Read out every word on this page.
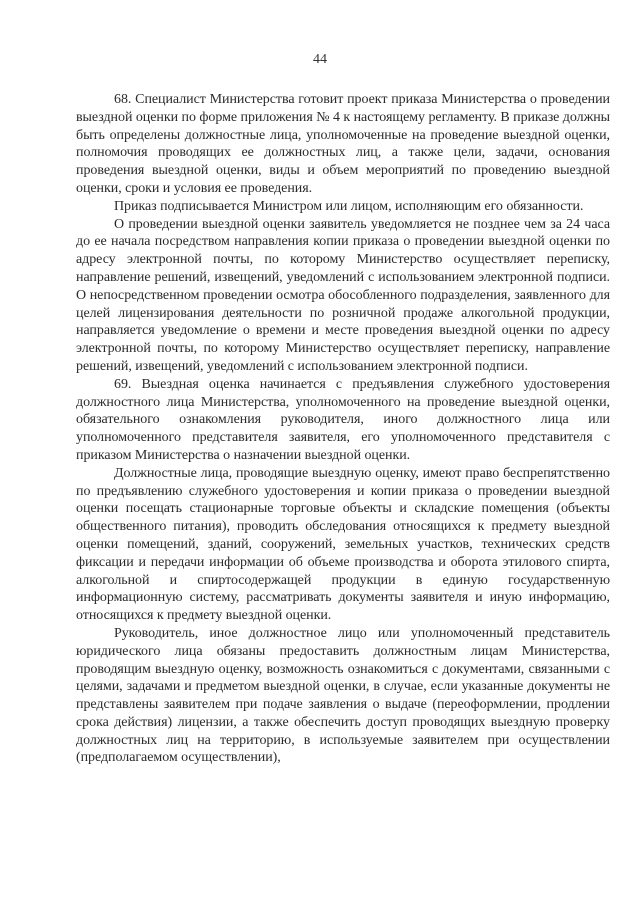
44

68. Специалист Министерства готовит проект приказа Министерства о проведении выездной оценки по форме приложения № 4 к настоящему регламенту. В приказе должны быть определены должностные лица, уполномоченные на проведение выездной оценки, полномочия проводящих ее должностных лиц, а также цели, задачи, основания проведения выездной оценки, виды и объем мероприятий по проведению выездной оценки, сроки и условия ее проведения.

Приказ подписывается Министром или лицом, исполняющим его обязанности.

О проведении выездной оценки заявитель уведомляется не позднее чем за 24 часа до ее начала посредством направления копии приказа о проведении выездной оценки по адресу электронной почты, по которому Министерство осуществляет переписку, направление решений, извещений, уведомлений с использованием электронной подписи. О непосредственном проведении осмотра обособленного подразделения, заявленного для целей лицензирования деятельности по розничной продаже алкогольной продукции, направляется уведомление о времени и месте проведения выездной оценки по адресу электронной почты, по которому Министерство осуществляет переписку, направление решений, извещений, уведомлений с использованием электронной подписи.

69. Выездная оценка начинается с предъявления служебного удостоверения должностного лица Министерства, уполномоченного на проведение выездной оценки, обязательного ознакомления руководителя, иного должностного лица или уполномоченного представителя заявителя, его уполномоченного представителя с приказом Министерства о назначении выездной оценки.

Должностные лица, проводящие выездную оценку, имеют право беспрепятственно по предъявлению служебного удостоверения и копии приказа о проведении выездной оценки посещать стационарные торговые объекты и складские помещения (объекты общественного питания), проводить обследования относящихся к предмету выездной оценки помещений, зданий, сооружений, земельных участков, технических средств фиксации и передачи информации об объеме производства и оборота этилового спирта, алкогольной и спиртосодержащей продукции в единую государственную информационную систему, рассматривать документы заявителя и иную информацию, относящихся к предмету выездной оценки.

Руководитель, иное должностное лицо или уполномоченный представитель юридического лица обязаны предоставить должностным лицам Министерства, проводящим выездную оценку, возможность ознакомиться с документами, связанными с целями, задачами и предметом выездной оценки, в случае, если указанные документы не представлены заявителем при подаче заявления о выдаче (переоформлении, продлении срока действия) лицензии, а также обеспечить доступ проводящих выездную проверку должностных лиц на территорию, в используемые заявителем при осуществлении (предполагаемом осуществлении),
